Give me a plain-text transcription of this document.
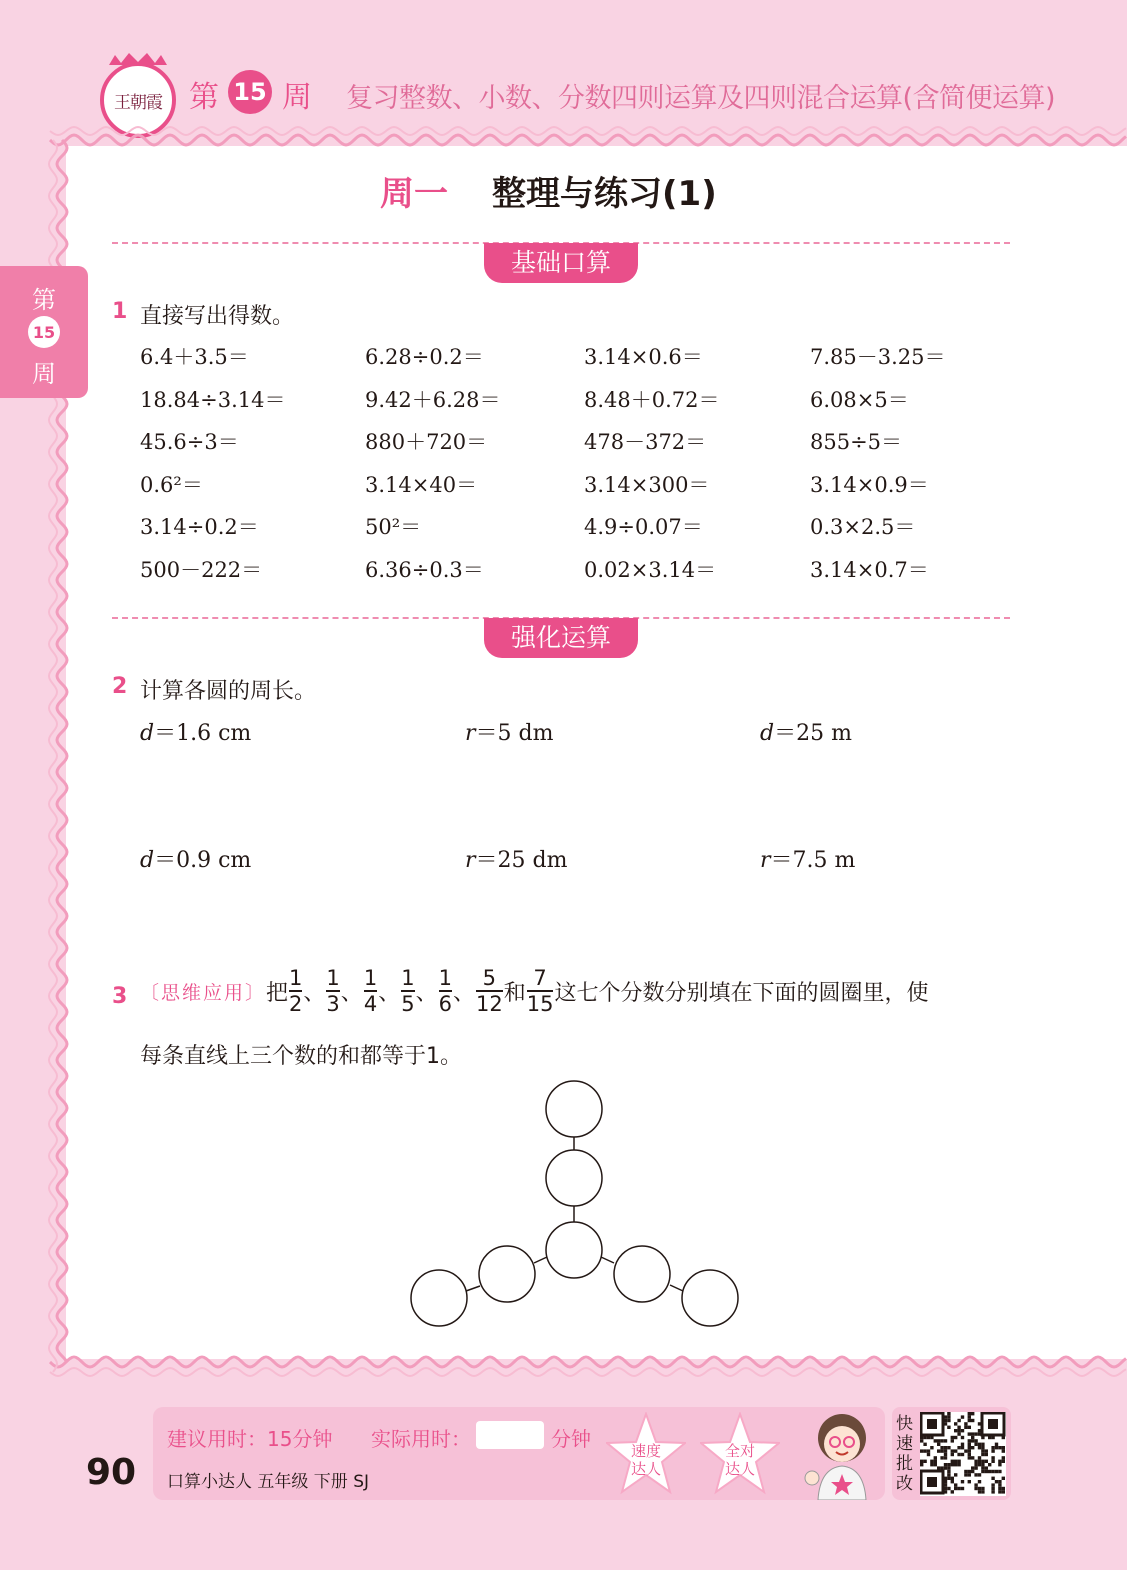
王朝霞 第 15 周 复习整数、小数、分数四则运算及四则混合运算(含简便运算)
第
15
周
周一 整理与练习(1)
基础口算
1 直接写出得数。
6.4＋3.5＝	6.28÷0.2＝	3.14×0.6＝	7.85－3.25＝
18.84÷3.14＝	9.42＋6.28＝	8.48＋0.72＝	6.08×5＝
45.6÷3＝	880＋720＝	478－372＝	855÷5＝
0.6²＝	3.14×40＝	3.14×300＝	3.14×0.9＝
3.14÷0.2＝	50²＝	4.9÷0.07＝	0.3×2.5＝
500－222＝	6.36÷0.3＝	0.02×3.14＝	3.14×0.7＝
强化运算
2 计算各圆的周长。
d＝1.6 cm	r＝5 dm	d＝25 m
d＝0.9 cm	r＝25 dm	r＝7.5 m
3 〔思维应用〕 把 $\frac{1}{2}$ 、 $\frac{1}{3}$ 、 $\frac{1}{4}$ 、 $\frac{1}{5}$ 、 $\frac{1}{6}$ 、 $\frac{5}{12}$ 和 $\frac{7}{15}$ 这七个分数分别填在下面的圆圈里，使
每条直线上三个数的和都等于1。
90
建议用时：15分钟 实际用时：	分钟
口算小达人 五年级 下册 SJ
速度
达人
全对
达人
快速批改
